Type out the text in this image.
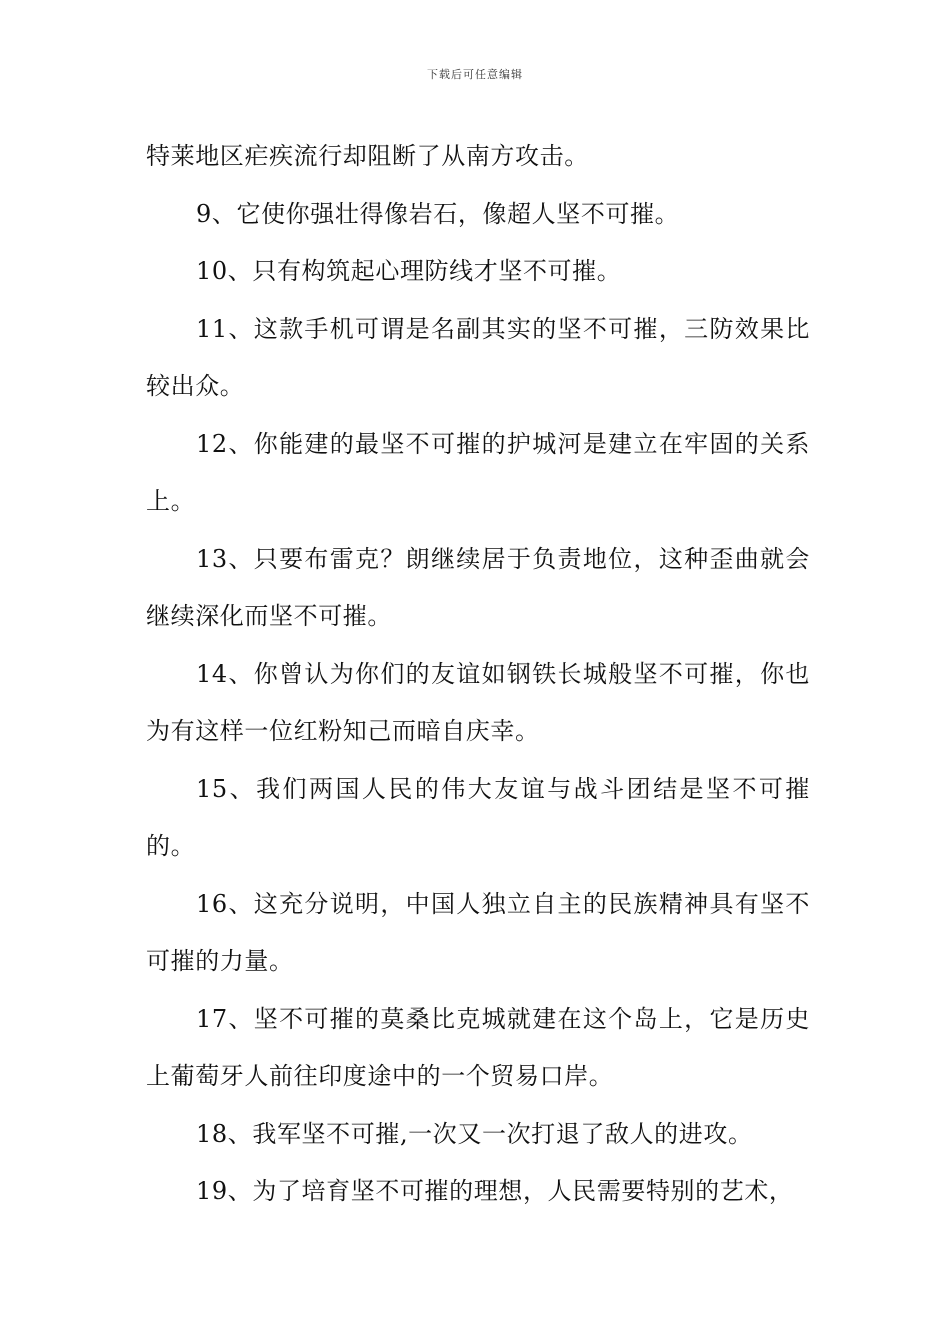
下载后可任意编辑

特莱地区疟疾流行却阻断了从南方攻击。

9、它使你强壮得像岩石，像超人坚不可摧。

10、只有构筑起心理防线才坚不可摧。

11、这款手机可谓是名副其实的坚不可摧，三防效果比较出众。

12、你能建的最坚不可摧的护城河是建立在牢固的关系上。

13、只要布雷克？朗继续居于负责地位，这种歪曲就会继续深化而坚不可摧。

14、你曾认为你们的友谊如钢铁长城般坚不可摧，你也为有这样一位红粉知己而暗自庆幸。

15、我们两国人民的伟大友谊与战斗团结是坚不可摧的。

16、这充分说明，中国人独立自主的民族精神具有坚不可摧的力量。

17、坚不可摧的莫桑比克城就建在这个岛上，它是历史上葡萄牙人前往印度途中的一个贸易口岸。

18、我军坚不可摧,一次又一次打退了敌人的进攻。

19、为了培育坚不可摧的理想，人民需要特别的艺术，
